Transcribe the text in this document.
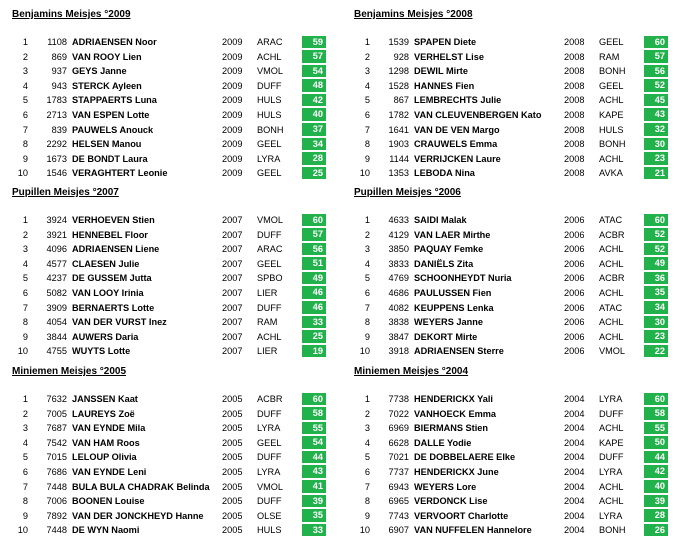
Benjamins Meisjes °2009
1	1108 ADRIAENSEN Noor	2009 ARAC	59
2	869 VAN ROOY Lien	2009 ACHL	57
3	937 GEYS Janne	2009 VMOL	54
4	943 STERCK Ayleen	2009 DUFF	48
5	1783 STAPPAERTS Luna	2009 HULS	42
6	2713 VAN ESPEN Lotte	2009 HULS	40
7	839 PAUWELS Anouck	2009 BONH	37
8	2292 HELSEN Manou	2009 GEEL	34
9	1673 DE BONDT Laura	2009 LYRA	28
10	1546 VERAGHTERT Leonie	2009 GEEL	25
Benjamins Meisjes °2008
1	1539 SPAPEN Diete	2008 GEEL	60
2	928 VERHELST Lise	2008 RAM	57
3	1298 DEWIL Mirte	2008 BONH	56
4	1528 HANNES Fien	2008 GEEL	52
5	867 LEMBRECHTS Julie	2008 ACHL	45
6	1782 VAN CLEUVENBERGEN Kato 2008 KAPE	43
7	1641 VAN DE VEN Margo	2008 HULS	32
8	1903 CRAUWELS Emma	2008 BONH	30
9	1144 VERRIJCKEN Laure	2008 ACHL	23
10	1353 LEBODA Nina	2008 AVKA	21
Pupillen Meisjes °2007
1	3924 VERHOEVEN Stien	2007 VMOL	60
2	3921 HENNEBEL Floor	2007 DUFF	57
3	4096 ADRIAENSEN Liene	2007 ARAC	56
4	4577 CLAESEN Julie	2007 GEEL	51
5	4237 DE GUSSEM Jutta	2007 SPBO	49
6	5082 VAN LOOY Irinia	2007 LIER	46
7	3909 BERNAERTS Lotte	2007 DUFF	46
8	4054 VAN DER VURST Inez	2007 RAM	33
9	3844 AUWERS Daria	2007 ACHL	25
10	4755 WUYTS Lotte	2007 LIER	19
Pupillen Meisjes °2006
1	4633 SAIDI Malak	2006 ATAC	60
2	4129 VAN LAER Mirthe	2006 ACBR	52
3	3850 PAQUAY Femke	2006 ACHL	52
4	3833 DANIËLS Zita	2006 ACHL	49
5	4769 SCHOONHEYDT Nuria	2006 ACBR	36
6	4686 PAULUSSEN Fien	2006 ACHL	35
7	4082 KEUPPENS Lenka	2006 ATAC	34
8	3838 WEYERS Janne	2006 ACHL	30
9	3847 DEKORT Mirte	2006 ACHL	23
10	3918 ADRIAENSEN Sterre	2006 VMOL	22
Miniemen Meisjes °2005
1	7632 JANSSEN Kaat	2005 ACBR	60
2	7005 LAUREYS Zoë	2005 DUFF	58
3	7687 VAN EYNDE Mila	2005 LYRA	55
4	7542 VAN HAM Roos	2005 GEEL	54
5	7015 LELOUP Olivia	2005 DUFF	44
6	7686 VAN EYNDE Leni	2005 LYRA	43
7	7448 BULA BULA CHADRAK Belinda 2005 VMOL	41
8	7006 BOONEN Louise	2005 DUFF	39
9	7892 VAN DER JONCKHEYD Hanne 2005 OLSE	35
10	7448 DE WYN Naomi	2005 HULS	33
Miniemen Meisjes °2004
1	7738 HENDERICKX Yali	2004 LYRA	60
2	7022 VANHOECK Emma	2004 DUFF	58
3	6969 BIERMANS Stien	2004 ACHL	55
4	6628 DALLE Yodie	2004 KAPE	50
5	7021 DE DOBBELAERE Elke	2004 DUFF	44
6	7737 HENDERICKX June	2004 LYRA	42
7	6943 WEYERS Lore	2004 ACHL	40
8	6965 VERDONCK Lise	2004 ACHL	39
9	7743 VERVOORT Charlotte	2004 LYRA	28
10	6907 VAN NUFFELEN Hannelore	2004 BONH	26
